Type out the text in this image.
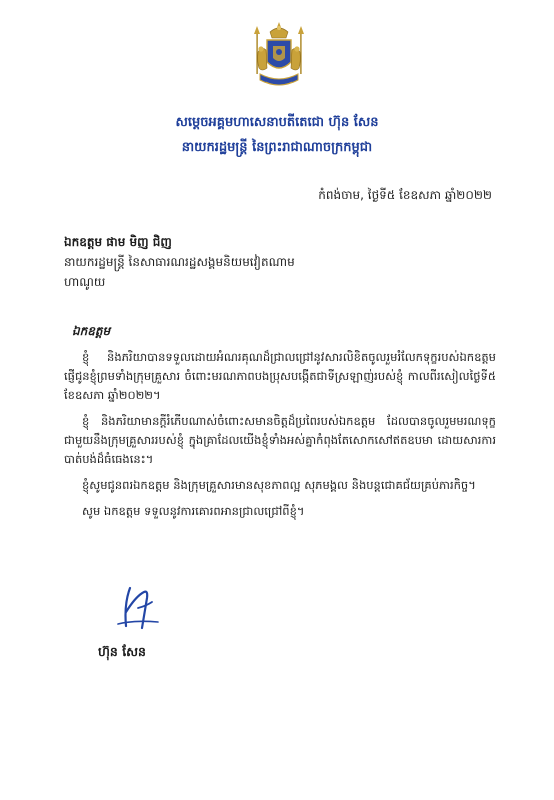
សម្តេចអគ្គមហាសេនាបតីតេជោ ហ៊ុន សែន
នាយករដ្ឋមន្ត្រី នៃព្រះរាជាណាចក្រកម្ពុជា
កំពង់ចាម, ថ្ងៃទី៥ ខែឧសភា ឆ្នាំ២០២២
ឯកឧត្តម ផាម មិញ ជិញ
នាយករដ្ឋមន្ត្រី នៃសាធារណរដ្ឋសង្គមនិយមវៀតណាម
ហាណូយ
ឯកឧត្តម

ខ្ញុំ និងភរិយាបានទទួលដោយអំណរគុណដ៏ជ្រាលជ្រៅនូវសារលិខិតចូលរួមរំលែកទុក្ខរបស់ឯកឧត្តមផ្ញើជូនខ្ញុំព្រមទាំងក្រុមគ្រួសារ ចំពោះមរណភាពបងប្រុសបង្កើតជាទីស្រឡាញ់របស់ខ្ញុំ កាលពីរសៀលថ្ងៃទី៥ ខែឧសភា ឆ្នាំ២០២២។

ខ្ញុំ និងភរិយាមានក្តីរំភើបណាស់ចំពោះសមានចិត្តដ៏ប្រពៃរបស់ឯកឧត្តម ដែលបានចូលរួមមរណទុក្ខ ជាមួយនឹងក្រុមគ្រួសាររបស់ខ្ញុំ ក្នុងគ្រាដែលយើងខ្ញុំទាំងអស់គ្នាកំពុងតែសោកសៅឥតឧបមា ដោយសារការបាត់បង់ដ៏ធំធេងនេះ។

ខ្ញុំសូមជូនពរឯកឧត្តម និងក្រុមគ្រួសារមានសុខភាពល្អ សុភមង្គល និងបន្តជោគជ័យគ្រប់ភារកិច្ច។

សូម ឯកឧត្តម ទទួលនូវការគោរពអានជ្រាលជ្រៅពីខ្ញុំ។

ហ៊ុន សែន
